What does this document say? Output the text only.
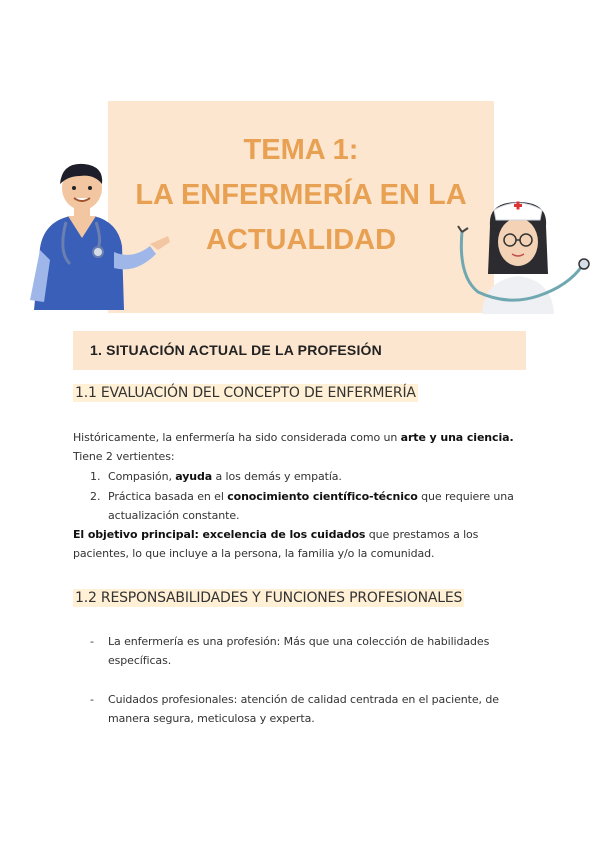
TEMA 1:
LA ENFERMERÍA EN LA
ACTUALIDAD
1. SITUACIÓN ACTUAL DE LA PROFESIÓN
1.1 EVALUACIÓN DEL CONCEPTO DE ENFERMERÍA
Históricamente, la enfermería ha sido considerada como un arte y una ciencia.
Tiene 2 vertientes:
1. Compasión, ayuda a los demás y empatía.
2. Práctica basada en el conocimiento científico-técnico que requiere una
actualización constante.
El objetivo principal: excelencia de los cuidados que prestamos a los
pacientes, lo que incluye a la persona, la familia y/o la comunidad.
1.2 RESPONSABILIDADES Y FUNCIONES PROFESIONALES
- La enfermería es una profesión: Más que una colección de habilidades
específicas.
- Cuidados profesionales: atención de calidad centrada en el paciente, de
manera segura, meticulosa y experta.
